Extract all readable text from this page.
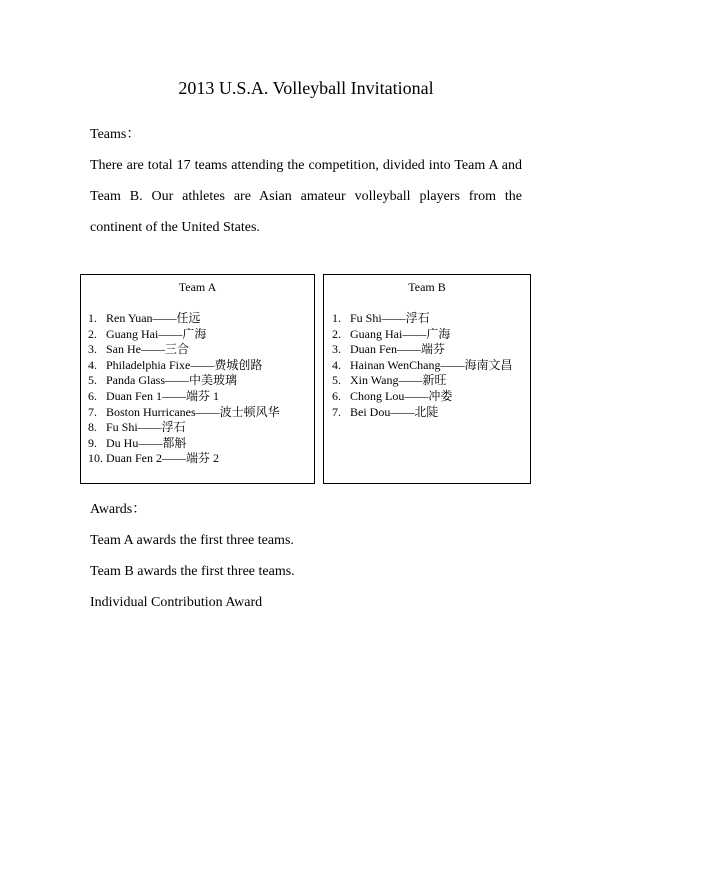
2013 U.S.A. Volleyball Invitational
Teams：
There are total 17 teams attending the competition, divided into Team A and Team B. Our athletes are Asian amateur volleyball players from the continent of the United States.
Team A
1. Ren Yuan——任远
2. Guang Hai——广海
3. San He——三合
4. Philadelphia Fixe——费城创路
5. Panda Glass——中美玻璃
6. Duan Fen 1——端芬 1
7. Boston Hurricanes——波士顿风华
8. Fu Shi——浮石
9. Du Hu——都斛
10. Duan Fen 2——端芬 2
Team B
1. Fu Shi——浮石
2. Guang Hai——广海
3. Duan Fen——端芬
4. Hainan WenChang——海南文昌
5. Xin Wang——新旺
6. Chong Lou——冲娄
7. Bei Dou——北陡
Awards：
Team A awards the first three teams.
Team B awards the first three teams.
Individual Contribution Award
